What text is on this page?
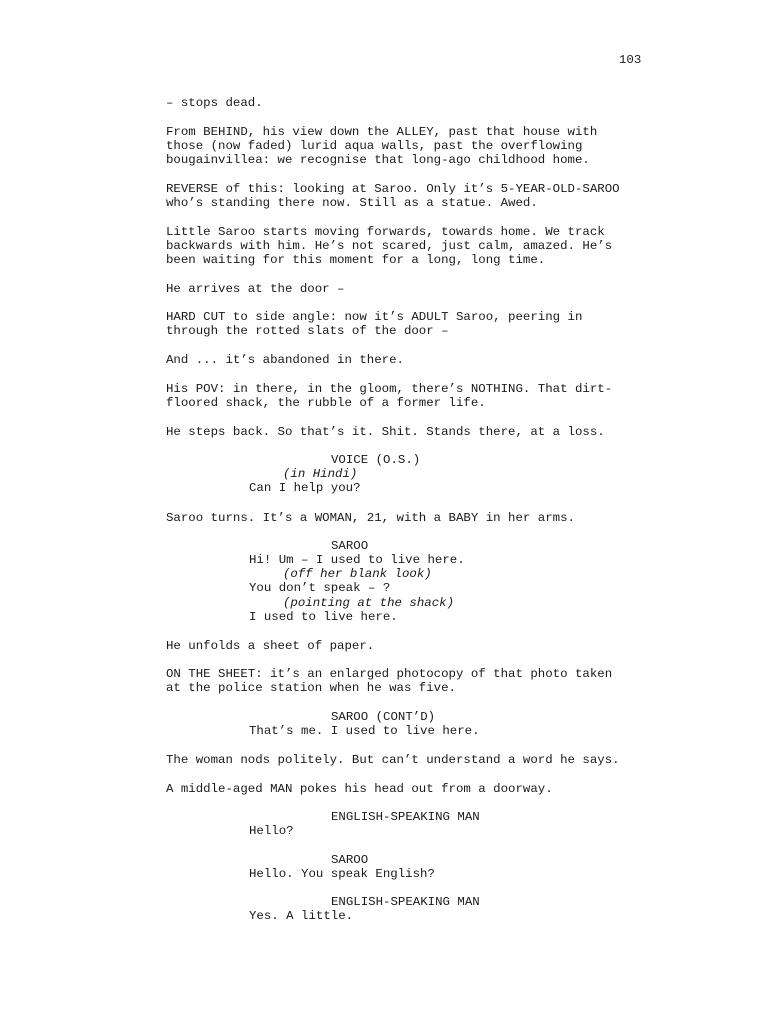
103
– stops dead.
From BEHIND, his view down the ALLEY, past that house with
those (now faded) lurid aqua walls, past the overflowing
bougainvillea: we recognise that long-ago childhood home.
REVERSE of this: looking at Saroo. Only it’s 5-YEAR-OLD-SAROO
who’s standing there now. Still as a statue. Awed.
Little Saroo starts moving forwards, towards home. We track
backwards with him. He’s not scared, just calm, amazed. He’s
been waiting for this moment for a long, long time.
He arrives at the door –
HARD CUT to side angle: now it’s ADULT Saroo, peering in
through the rotted slats of the door –
And ... it’s abandoned in there.
His POV: in there, in the gloom, there’s NOTHING. That dirt-
floored shack, the rubble of a former life.
He steps back. So that’s it. Shit. Stands there, at a loss.
VOICE (O.S.)
(in Hindi)
Can I help you?
Saroo turns. It’s a WOMAN, 21, with a BABY in her arms.
SAROO
Hi! Um – I used to live here.
(off her blank look)
You don’t speak – ?
(pointing at the shack)
I used to live here.
He unfolds a sheet of paper.
ON THE SHEET: it’s an enlarged photocopy of that photo taken
at the police station when he was five.
SAROO (CONT’D)
That’s me. I used to live here.
The woman nods politely. But can’t understand a word he says.
A middle-aged MAN pokes his head out from a doorway.
ENGLISH-SPEAKING MAN
Hello?
SAROO
Hello. You speak English?
ENGLISH-SPEAKING MAN
Yes. A little.
